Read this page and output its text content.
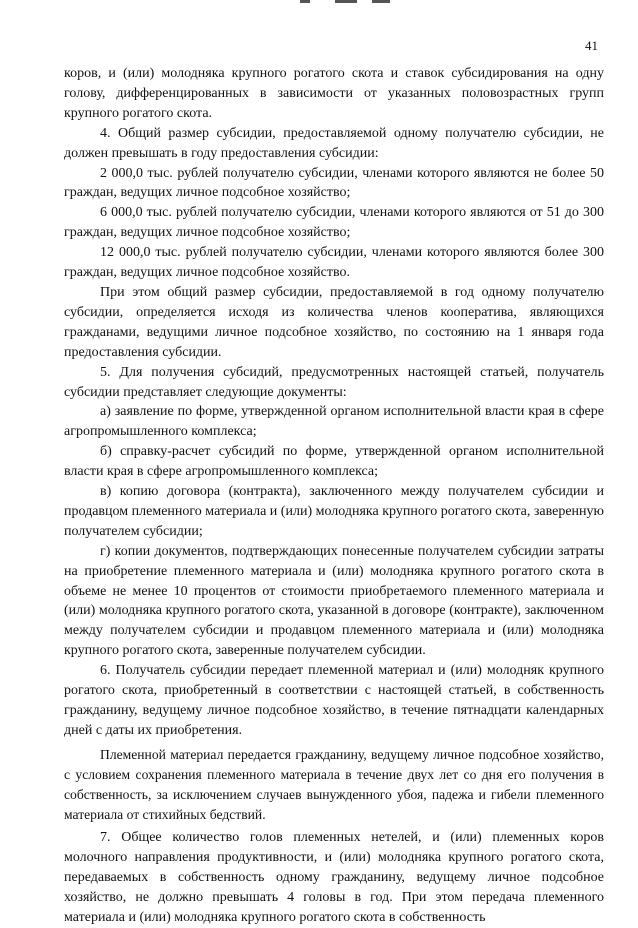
41

коров, и (или) молодняка крупного рогатого скота и ставок субсидирования на одну голову, дифференцированных в зависимости от указанных половозрастных групп крупного рогатого скота.

4. Общий размер субсидии, предоставляемой одному получателю субсидии, не должен превышать в году предоставления субсидии:

2 000,0 тыс. рублей получателю субсидии, членами которого являются не более 50 граждан, ведущих личное подсобное хозяйство;

6 000,0 тыс. рублей получателю субсидии, членами которого являются от 51 до 300 граждан, ведущих личное подсобное хозяйство;

12 000,0 тыс. рублей получателю субсидии, членами которого являются более 300 граждан, ведущих личное подсобное хозяйство.

При этом общий размер субсидии, предоставляемой в год одному получателю субсидии, определяется исходя из количества членов кооператива, являющихся гражданами, ведущими личное подсобное хозяйство, по состоянию на 1 января года предоставления субсидии.

5. Для получения субсидий, предусмотренных настоящей статьей, получатель субсидии представляет следующие документы:

а) заявление по форме, утвержденной органом исполнительной власти края в сфере агропромышленного комплекса;

б) справку-расчет субсидий по форме, утвержденной органом исполнительной власти края в сфере агропромышленного комплекса;

в) копию договора (контракта), заключенного между получателем субсидии и продавцом племенного материала и (или) молодняка крупного рогатого скота, заверенную получателем субсидии;

г) копии документов, подтверждающих понесенные получателем субсидии затраты на приобретение племенного материала и (или) молодняка крупного рогатого скота в объеме не менее 10 процентов от стоимости приобретаемого племенного материала и (или) молодняка крупного рогатого скота, указанной в договоре (контракте), заключенном между получателем субсидии и продавцом племенного материала и (или) молодняка крупного рогатого скота, заверенные получателем субсидии.

6. Получатель субсидии передает племенной материал и (или) молодняк крупного рогатого скота, приобретенный в соответствии с настоящей статьей, в собственность гражданину, ведущему личное подсобное хозяйство, в течение пятнадцати календарных дней с даты их приобретения.

Племенной материал передается гражданину, ведущему личное подсобное хозяйство, с условием сохранения племенного материала в течение двух лет со дня его получения в собственность, за исключением случаев вынужденного убоя, падежа и гибели племенного материала от стихийных бедствий.

7. Общее количество голов племенных нетелей, и (или) племенных коров молочного направления продуктивности, и (или) молодняка крупного рогатого скота, передаваемых в собственность одному гражданину, ведущему личное подсобное хозяйство, не должно превышать 4 головы в год. При этом передача племенного материала и (или) молодняка крупного рогатого скота в собственность
